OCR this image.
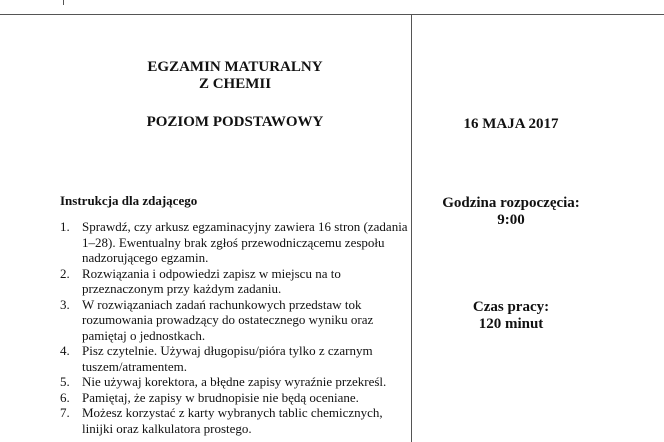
EGZAMIN MATURALNY

Z CHEMII

POZIOM PODSTAWOWY

Instrukcja dla zdającego

1. Sprawdź, czy arkusz egzaminacyjny zawiera 16 stron (zadania 1–28). Ewentualny brak zgłoś przewodniczącemu zespołu nadzorującego egzamin.
2. Rozwiązania i odpowiedzi zapisz w miejscu na to przeznaczonym przy każdym zadaniu.
3. W rozwiązaniach zadań rachunkowych przedstaw tok rozumowania prowadzący do ostatecznego wyniku oraz pamiętaj o jednostkach.
4. Pisz czytelnie. Używaj długopisu/pióra tylko z czarnym tuszem/atramentem.
5. Nie używaj korektora, a błędne zapisy wyraźnie przekreśl.
6. Pamiętaj, że zapisy w brudnopisie nie będą oceniane.
7. Możesz korzystać z karty wybranych tablic chemicznych, linijki oraz kalkulatora prostego.

16 MAJA 2017

Godzina rozpoczęcia:

9:00

Czas pracy:

120 minut
